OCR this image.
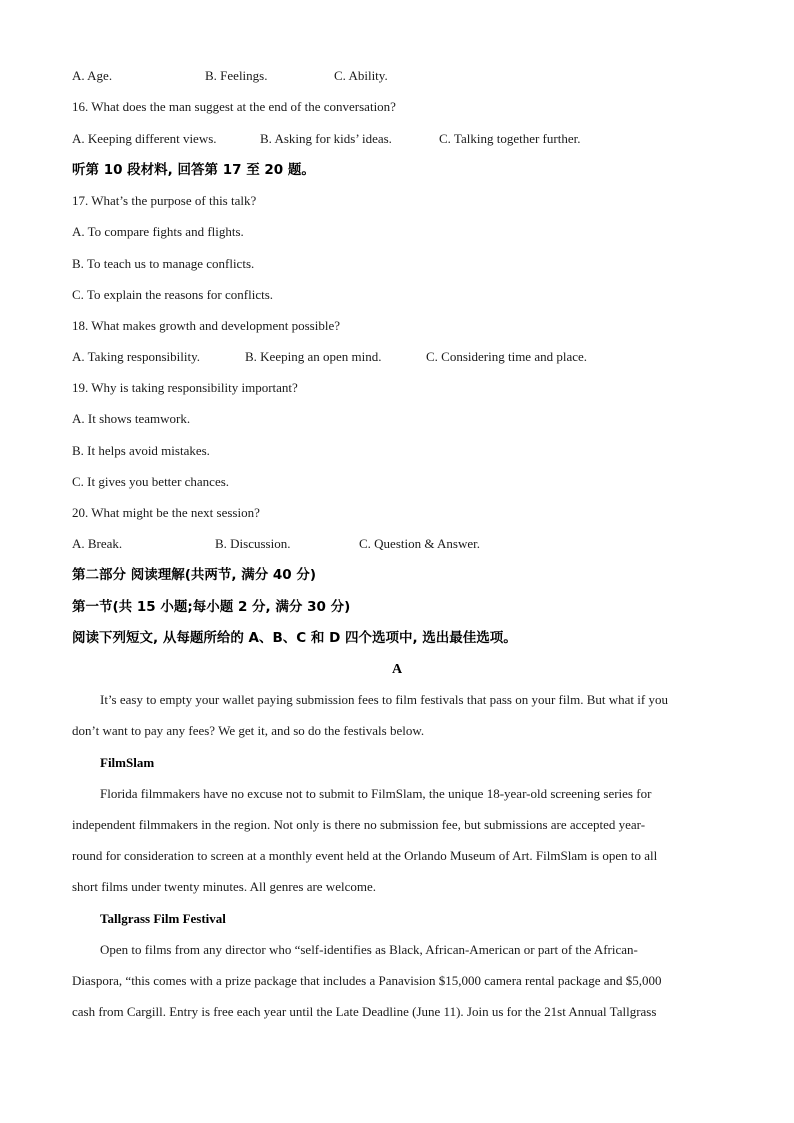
A. Age.	B. Feelings.	C. Ability.
16. What does the man suggest at the end of the conversation?
A. Keeping different views.	B. Asking for kids’ ideas.	C. Talking together further.
听第 10 段材料, 回答第 17 至 20 题。
17. What’s the purpose of this talk?
A. To compare fights and flights.
B. To teach us to manage conflicts.
C. To explain the reasons for conflicts.
18. What makes growth and development possible?
A. Taking responsibility.	B. Keeping an open mind.	C. Considering time and place.
19. Why is taking responsibility important?
A. It shows teamwork.
B. It helps avoid mistakes.
C. It gives you better chances.
20. What might be the next session?
A. Break.	B. Discussion.	C. Question & Answer.
第二部分 阅读理解(共两节, 满分 40 分)
第一节(共 15 小题;每小题 2 分, 满分 30 分)
阅读下列短文, 从每题所给的 A、B、C 和 D 四个选项中, 选出最佳选项。
A
It’s easy to empty your wallet paying submission fees to film festivals that pass on your film. But what if you
don’t want to pay any fees? We get it, and so do the festivals below.
FilmSlam
Florida filmmakers have no excuse not to submit to FilmSlam, the unique 18-year-old screening series for
independent filmmakers in the region. Not only is there no submission fee, but submissions are accepted year-
round for consideration to screen at a monthly event held at the Orlando Museum of Art. FilmSlam is open to all
short films under twenty minutes. All genres are welcome.
Tallgrass Film Festival
Open to films from any director who “self-identifies as Black, African-American or part of the African-
Diaspora, “this comes with a prize package that includes a Panavision $15,000 camera rental package and $5,000
cash from Cargill. Entry is free each year until the Late Deadline (June 11). Join us for the 21st Annual Tallgrass
